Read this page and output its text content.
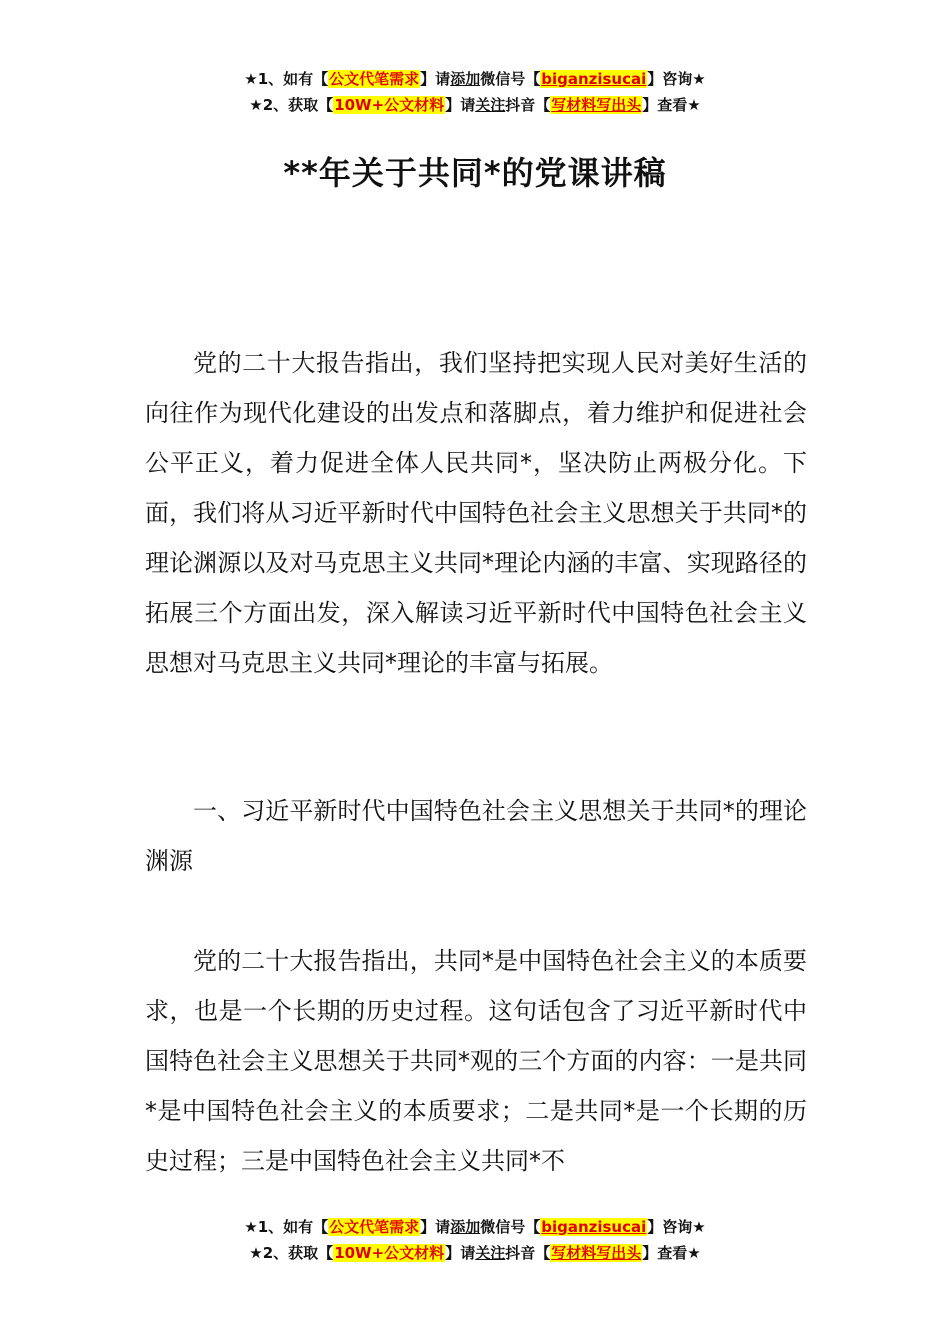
★1、如有【公文代笔需求】请添加微信号【biganzisucai】咨询★
★2、获取【10W+公文材料】请关注抖音【写材料写出头】查看★
**年关于共同*的党课讲稿

党的二十大报告指出，我们坚持把实现人民对美好生活的向往作为现代化建设的出发点和落脚点，着力维护和促进社会公平正义，着力促进全体人民共同*，坚决防止两极分化。下面，我们将从习近平新时代中国特色社会主义思想关于共同*的理论渊源以及对马克思主义共同*理论内涵的丰富、实现路径的拓展三个方面出发，深入解读习近平新时代中国特色社会主义思想对马克思主义共同*理论的丰富与拓展。

一、习近平新时代中国特色社会主义思想关于共同*的理论渊源

党的二十大报告指出，共同*是中国特色社会主义的本质要求，也是一个长期的历史过程。这句话包含了习近平新时代中国特色社会主义思想关于共同*观的三个方面的内容：一是共同*是中国特色社会主义的本质要求；二是共同*是一个长期的历史过程；三是中国特色社会主义共同*不

★1、如有【公文代笔需求】请添加微信号【biganzisucai】咨询★
★2、获取【10W+公文材料】请关注抖音【写材料写出头】查看★
